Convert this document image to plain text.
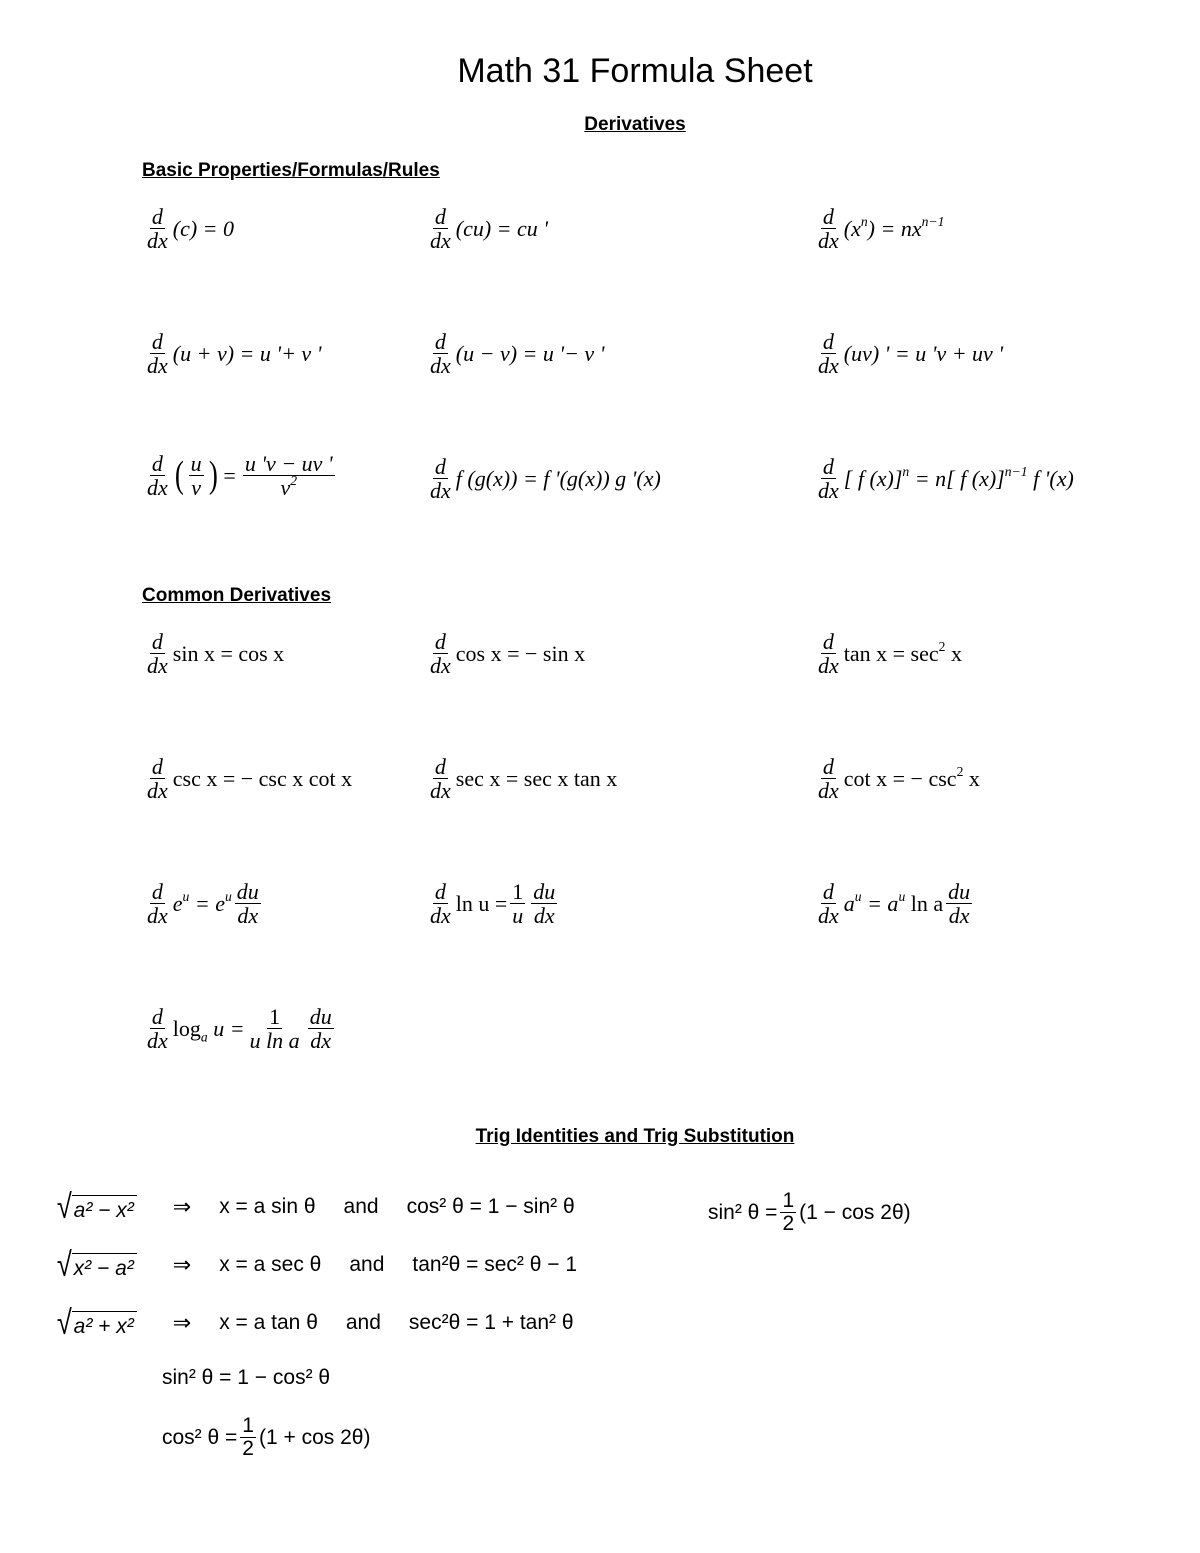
Math 31 Formula Sheet
Derivatives
Basic Properties/Formulas/Rules
$\frac{d}{dx} (c) = 0$	$\frac{d}{dx} (cu)$ = cu '	$\frac{d}{dx} (x^n) = nx^{n-1}$
$\frac{d}{dx} (u + v) = u$ '+ v '	$\frac{d}{dx} (u - v) = u$ '− v '	$\frac{d}{dx} (uv)$ ' = u 'v + uv '
$\frac{d}{dx}$ ( $\frac{u}{v}$ ) = $\frac{u 'v - uv '}{v^2}$	$\frac{d}{dx}$ f (g(x)) = f '(g(x)) g '(x)	$\frac{d}{dx}$ [ f (x)]$^n$ = n[ f (x)]$^{n-1}$ f '(x)
Common Derivatives
$\frac{d}{dx}$ sin x = cos x	$\frac{d}{dx}$ cos x = − sin x	$\frac{d}{dx}$ $\tan x = \sec^2 x$
$\frac{d}{dx}$ csc x = − csc x cot x	$\frac{d}{dx}$ sec x = sec x tan x	$\frac{d}{dx}$ cot x = − $\csc^2 x$
$\frac{d}{dx} e^u = e^u \frac{du}{dx}$	$\frac{d}{dx}$ $\ln u = \frac{1}{u} \frac{du}{dx}$	$\frac{d}{dx} a^u = a^u$ ln a $\frac{du}{dx}$
$\frac{d}{dx} \log_a u = \frac{1}{\text{u ln a}} \frac{du}{dx}$
Trig Identities and Trig Substitution
√ a² − x² ⇒ x = a sin θ and cos² θ = 1 − sin² θ
√ x² − a² ⇒ x = a sec θ and tan²θ = sec² θ − 1
√ a² + x² ⇒ x = a tan θ and sec²θ = 1 + tan² θ
sin² θ = 1 − cos² θ
cos² $\theta = \frac{1}{2} (1 + \cos 2\theta)$
sin² $\theta = \frac{1}{2} (1 - \cos 2\theta)$
